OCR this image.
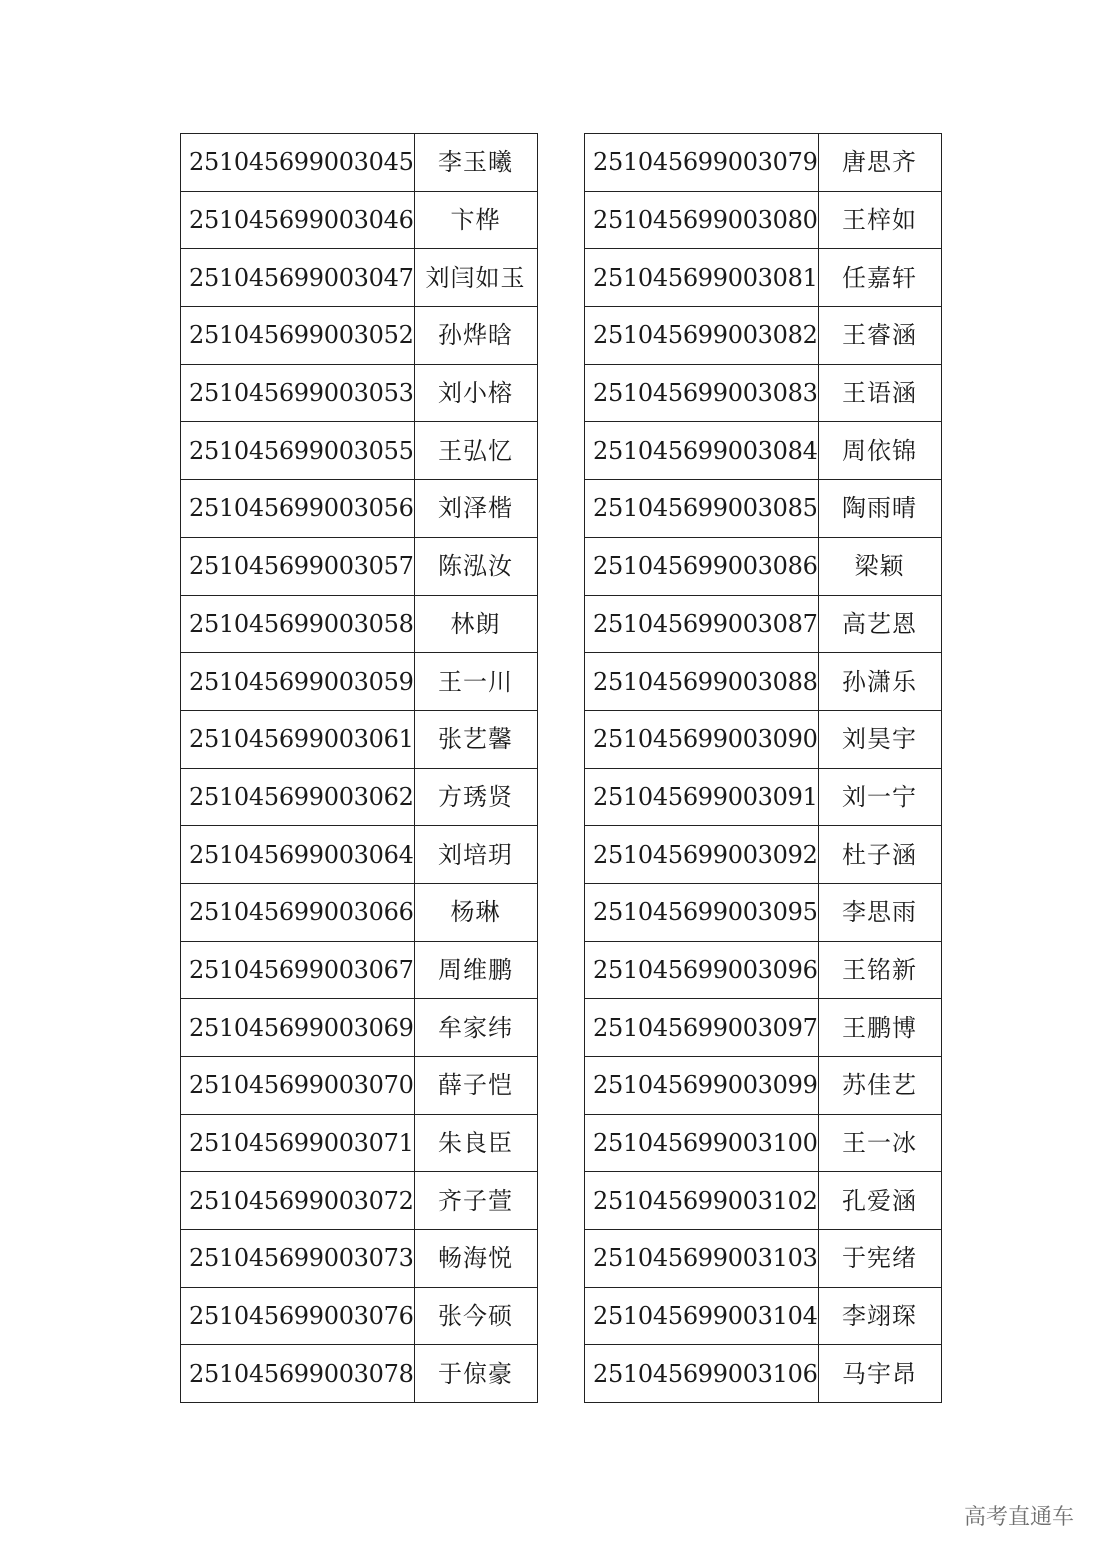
251045699003045	李玉曦
251045699003046	卞桦
251045699003047	刘闫如玉
251045699003052	孙烨晗
251045699003053	刘小榕
251045699003055	王弘忆
251045699003056	刘泽楷
251045699003057	陈泓汝
251045699003058	林朗
251045699003059	王一川
251045699003061	张艺馨
251045699003062	方琇贤
251045699003064	刘培玥
251045699003066	杨琳
251045699003067	周维鹏
251045699003069	牟家纬
251045699003070	薛子恺
251045699003071	朱良臣
251045699003072	齐子萱
251045699003073	畅海悦
251045699003076	张今硕
251045699003078	于倞豪
251045699003079	唐思齐
251045699003080	王梓如
251045699003081	任嘉轩
251045699003082	王睿涵
251045699003083	王语涵
251045699003084	周依锦
251045699003085	陶雨晴
251045699003086	梁颖
251045699003087	高艺恩
251045699003088	孙潇乐
251045699003090	刘昊宇
251045699003091	刘一宁
251045699003092	杜子涵
251045699003095	李思雨
251045699003096	王铭新
251045699003097	王鹏博
251045699003099	苏佳艺
251045699003100	王一冰
251045699003102	孔爱涵
251045699003103	于宪绪
251045699003104	李翊琛
251045699003106	马宇昂
高考直通车
